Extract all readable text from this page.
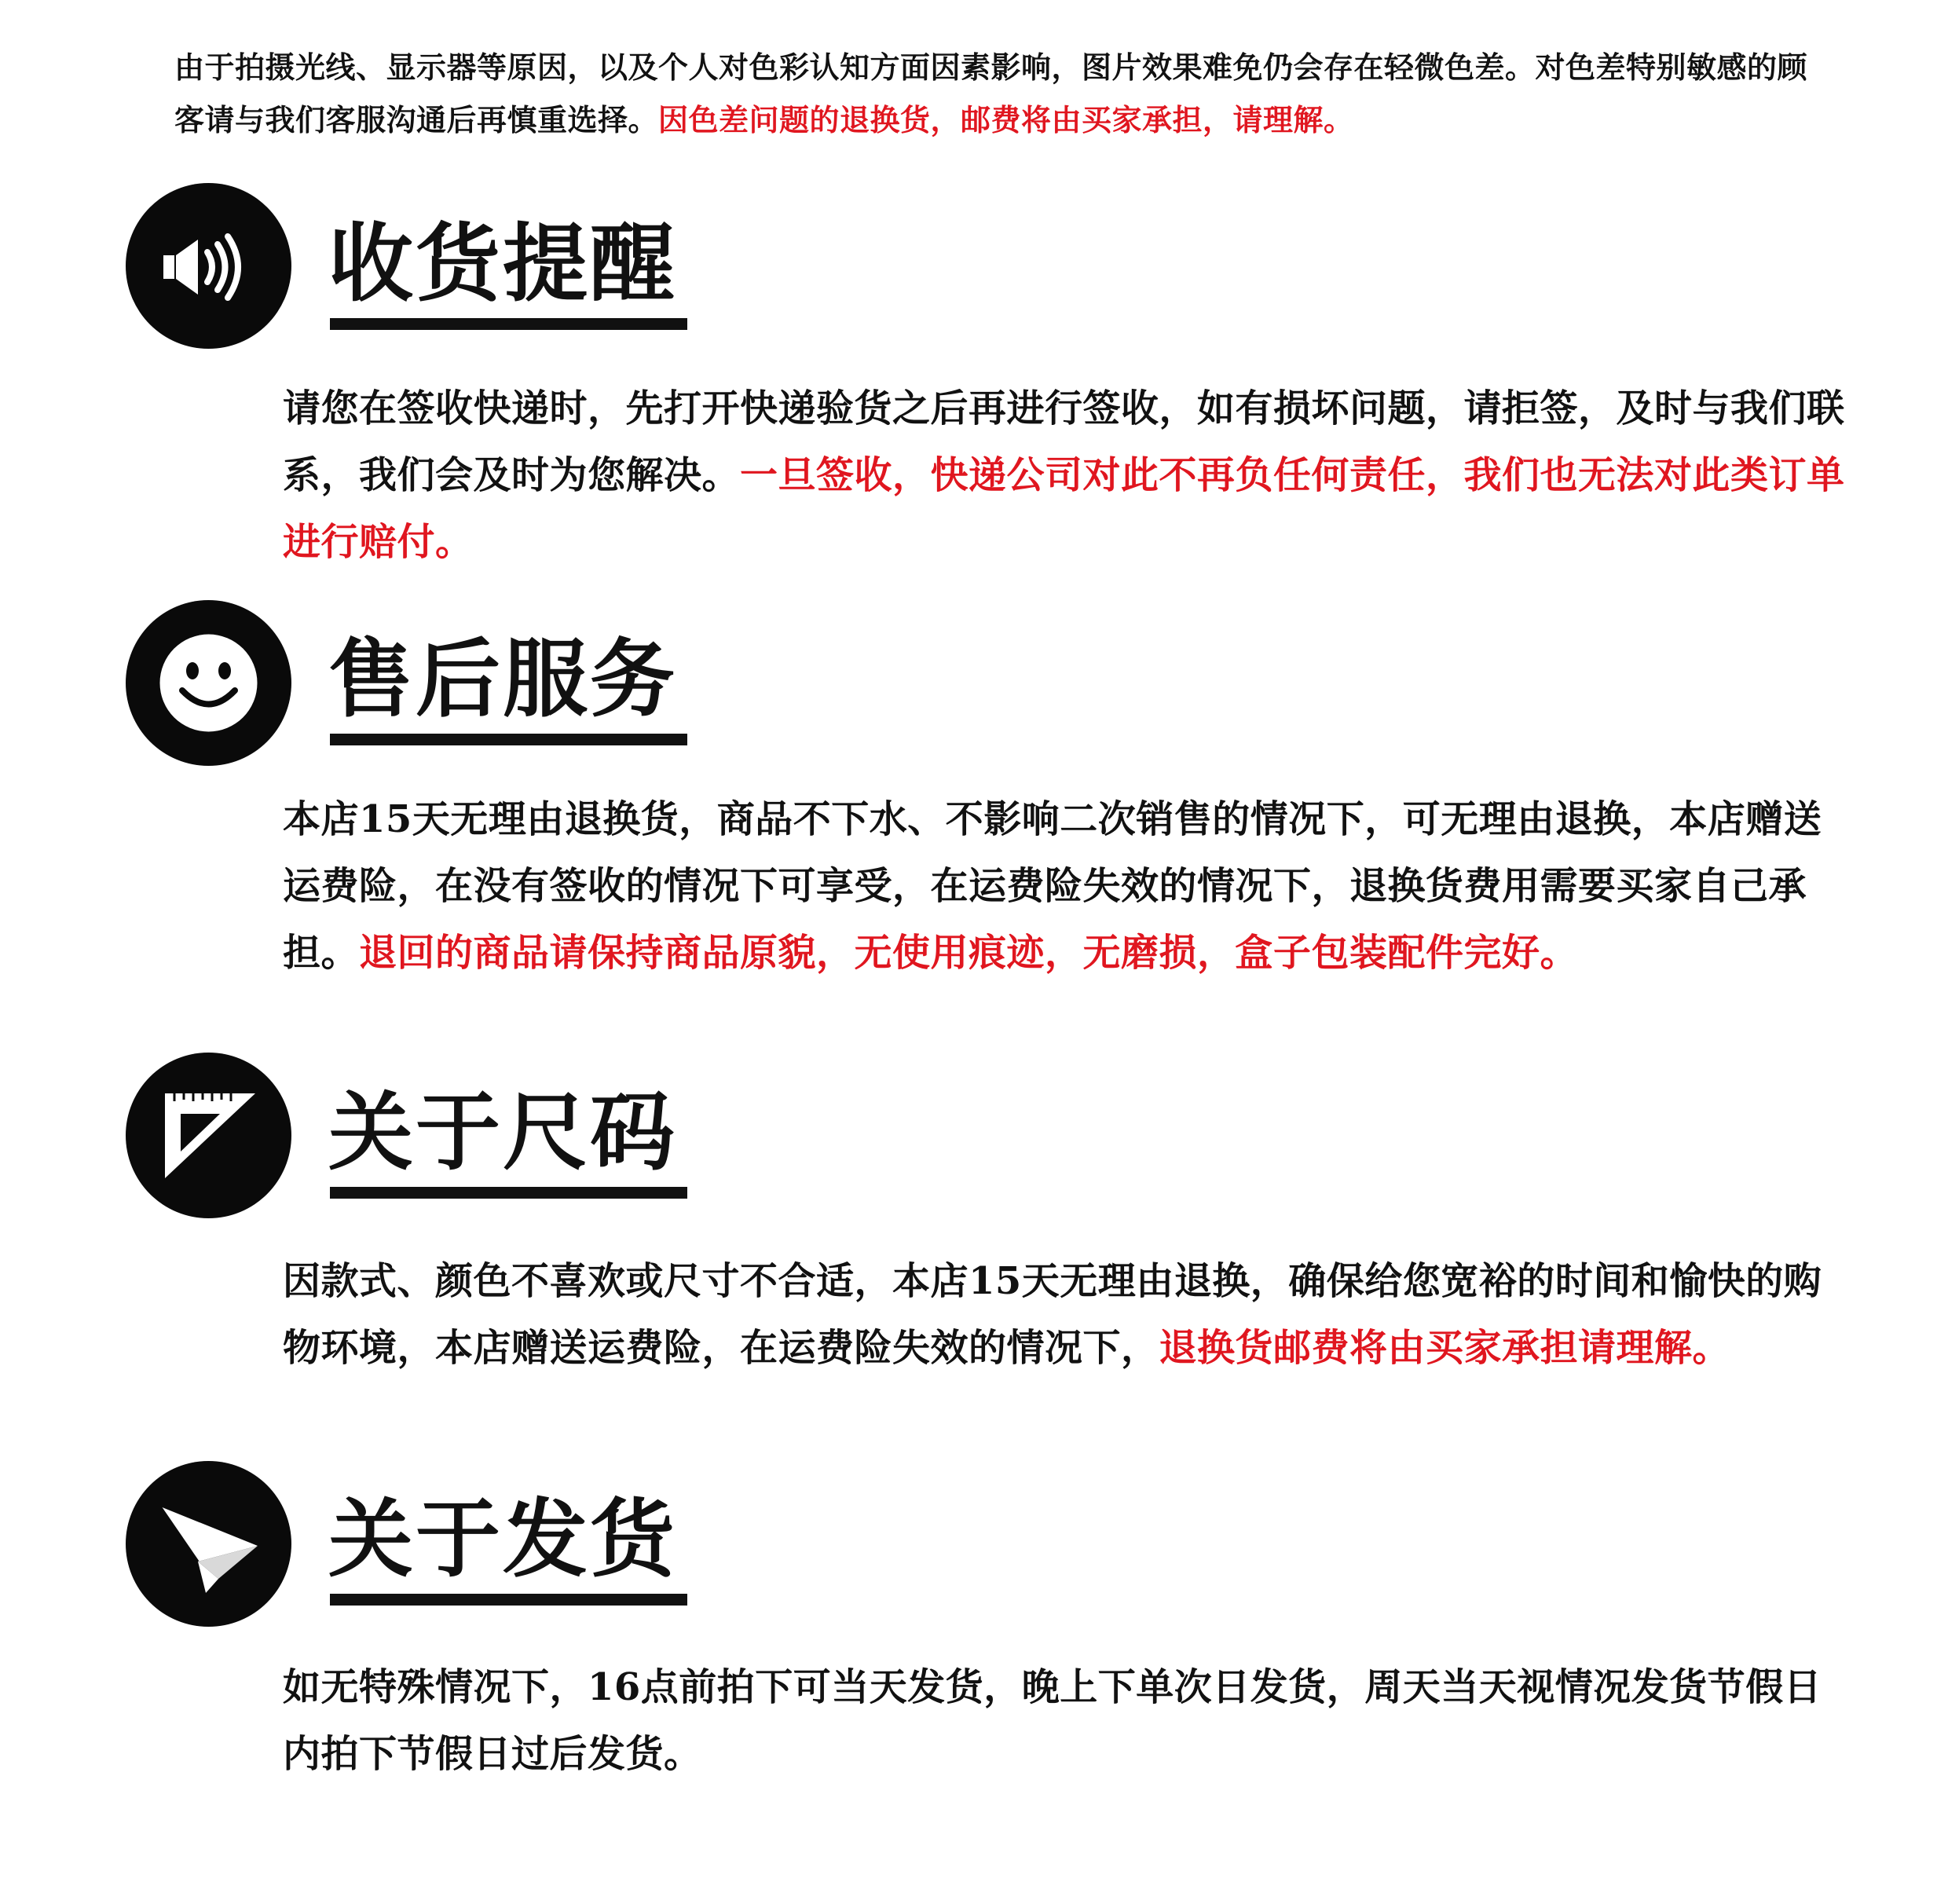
由于拍摄光线、显示器等原因，以及个人对色彩认知方面因素影响，图片效果难免仍会存在轻微色差。对色差特别敏感的顾客请与我们客服沟通后再慎重选择。因色差问题的退换货，邮费将由买家承担，请理解。
收货提醒
请您在签收快递时，先打开快递验货之后再进行签收，如有损坏问题，请拒签，及时与我们联系，我们会及时为您解决。一旦签收，快递公司对此不再负任何责任，我们也无法对此类订单进行赔付。
售后服务
本店15天无理由退换货，商品不下水、不影响二次销售的情况下，可无理由退换，本店赠送运费险，在没有签收的情况下可享受，在运费险失效的情况下，退换货费用需要买家自己承担。退回的商品请保持商品原貌，无使用痕迹，无磨损，盒子包装配件完好。
关于尺码
因款式、颜色不喜欢或尺寸不合适，本店15天无理由退换，确保给您宽裕的时间和愉快的购物环境，本店赠送运费险，在运费险失效的情况下，退换货邮费将由买家承担请理解。
关于发货
如无特殊情况下，16点前拍下可当天发货，晚上下单次日发货，周天当天视情况发货节假日内拍下节假日过后发货。
